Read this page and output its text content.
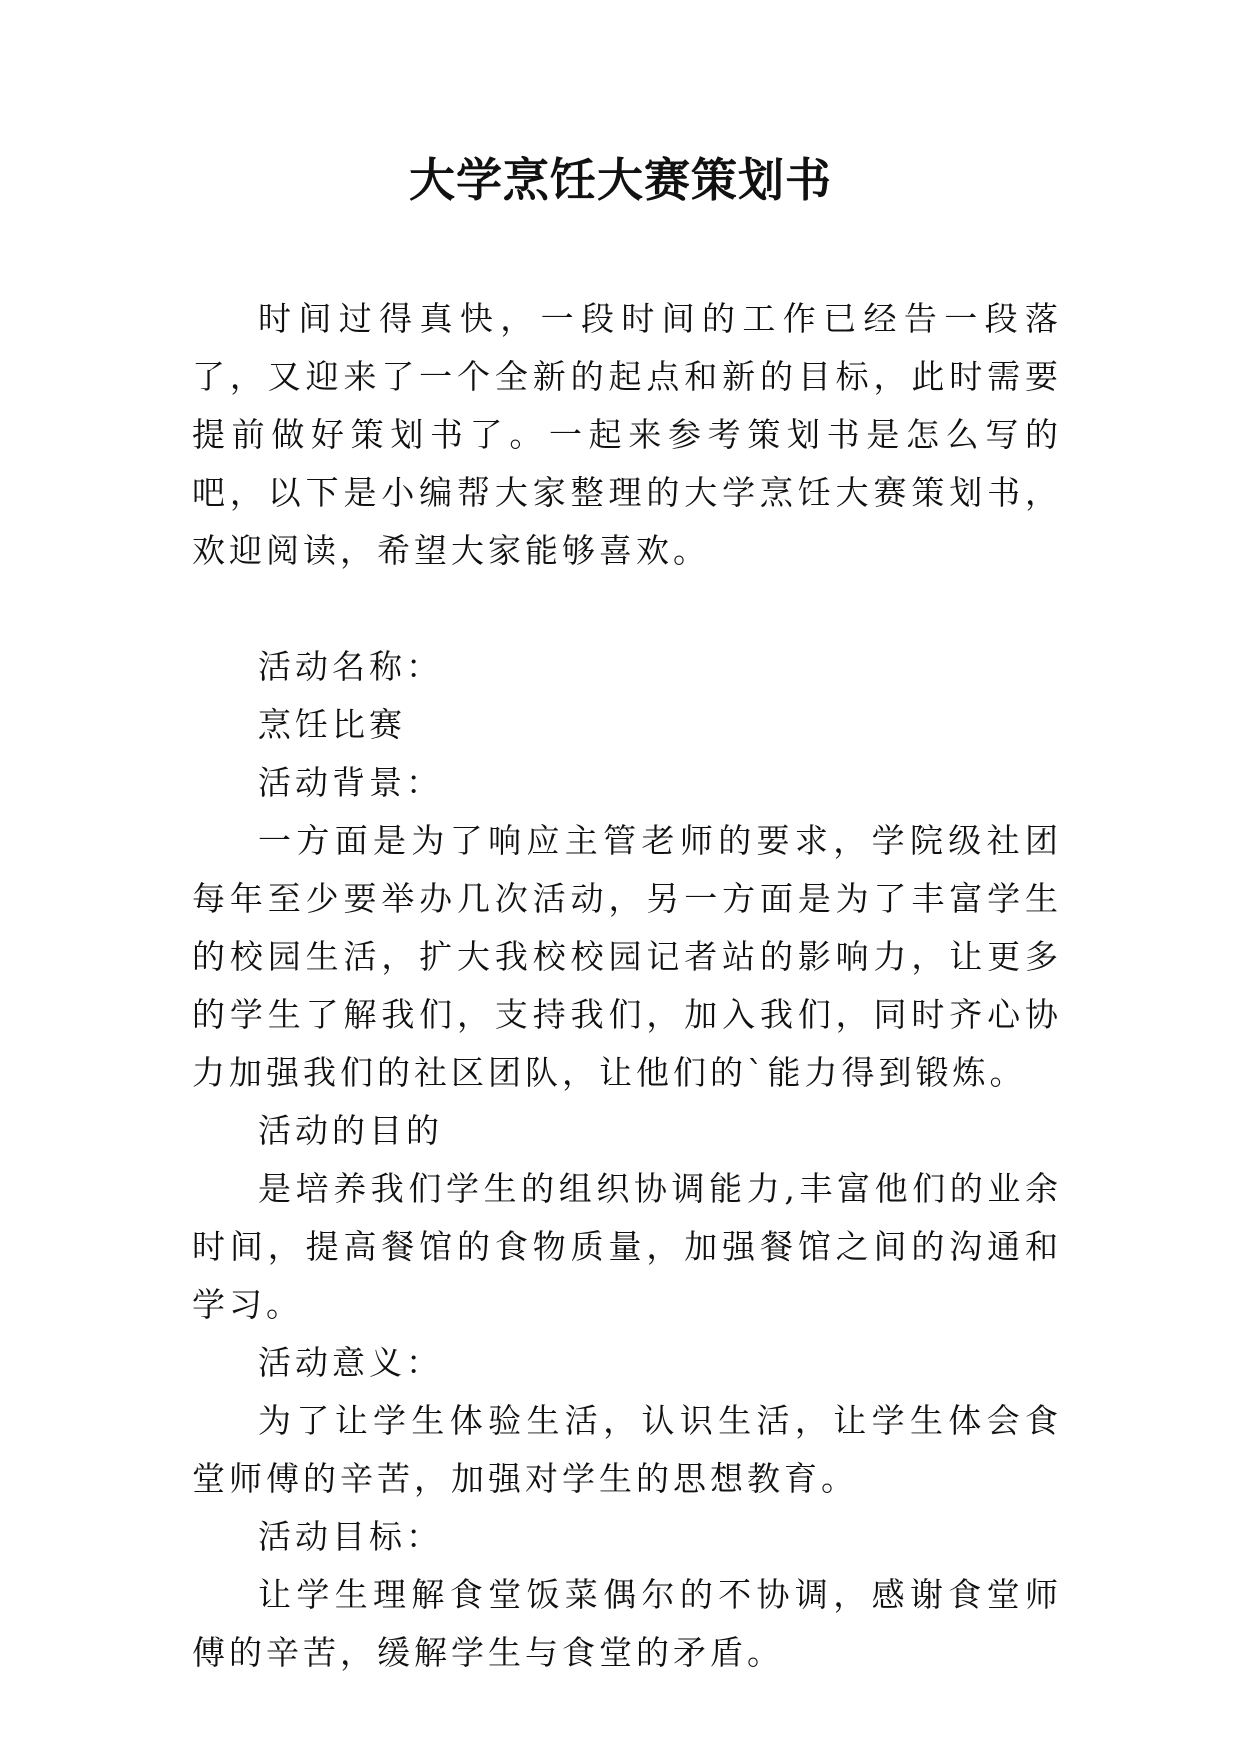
大学烹饪大赛策划书

时间过得真快，一段时间的工作已经告一段落了，又迎来了一个全新的起点和新的目标，此时需要提前做好策划书了。一起来参考策划书是怎么写的吧，以下是小编帮大家整理的大学烹饪大赛策划书，欢迎阅读，希望大家能够喜欢。

活动名称：

烹饪比赛

活动背景：

一方面是为了响应主管老师的要求，学院级社团每年至少要举办几次活动，另一方面是为了丰富学生的校园生活，扩大我校校园记者站的影响力，让更多的学生了解我们，支持我们，加入我们，同时齐心协力加强我们的社区团队，让他们的`能力得到锻炼。

活动的目的

是培养我们学生的组织协调能力,丰富他们的业余时间，提高餐馆的食物质量，加强餐馆之间的沟通和学习。

活动意义：

为了让学生体验生活，认识生活，让学生体会食堂师傅的辛苦，加强对学生的思想教育。

活动目标：

让学生理解食堂饭菜偶尔的不协调，感谢食堂师傅的辛苦，缓解学生与食堂的矛盾。
